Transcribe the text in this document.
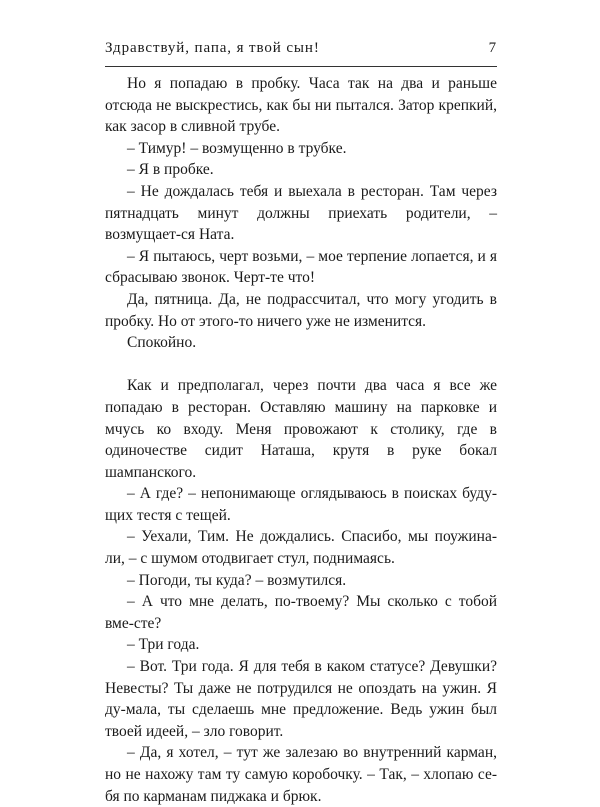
Здравствуй, папа, я твой сын!	7

Но я попадаю в пробку. Часа так на два и раньше отсюда не выскрестись, как бы ни пытался. Затор крепкий, как засор в сливной трубе.

– Тимур! – возмущенно в трубке.

– Я в пробке.

– Не дождалась тебя и выехала в ресторан. Там через пятнадцать минут должны приехать родители, – возмущает-ся Ната.

– Я пытаюсь, черт возьми, – мое терпение лопается, и я сбрасываю звонок. Черт-те что!

Да, пятница. Да, не подрассчитал, что могу угодить в пробку. Но от этого-то ничего уже не изменится.

Спокойно.

Как и предполагал, через почти два часа я все же попадаю в ресторан. Оставляю машину на парковке и мчусь ко входу. Меня провожают к столику, где в одиночестве сидит Наташа, крутя в руке бокал шампанского.

– А где? – непонимающе оглядываюсь в поисках буду-щих тестя с тещей.

– Уехали, Тим. Не дождались. Спасибо, мы поужина-ли, – с шумом отодвигает стул, поднимаясь.

– Погоди, ты куда? – возмутился.

– А что мне делать, по-твоему? Мы сколько с тобой вме-сте?

– Три года.

– Вот. Три года. Я для тебя в каком статусе? Девушки? Невесты? Ты даже не потрудился не опоздать на ужин. Я ду-мала, ты сделаешь мне предложение. Ведь ужин был твоей идеей, – зло говорит.

– Да, я хотел, – тут же залезаю во внутренний карман, но не нахожу там ту самую коробочку. – Так, – хлопаю се-бя по карманам пиджака и брюк.
